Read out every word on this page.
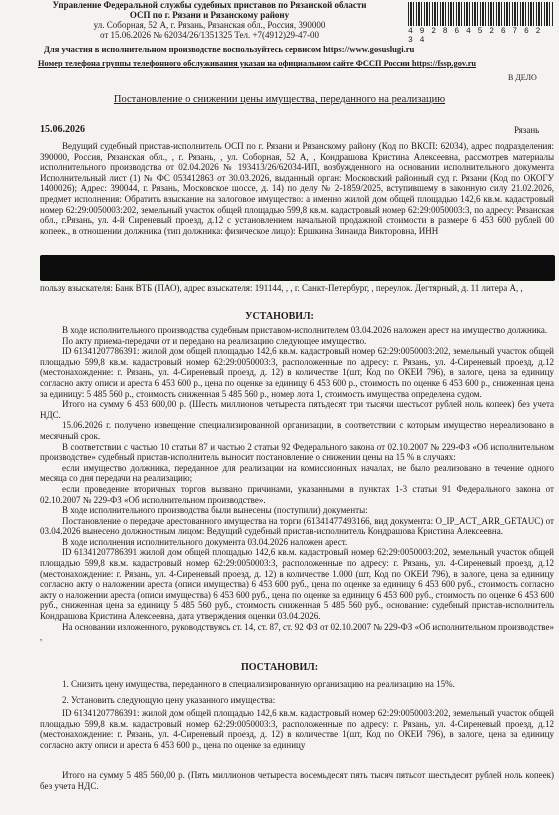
Управление Федеральной службы судебных приставов по Рязанской области
ОСП по г. Рязани и Рязанскому району
ул. Соборная, 52 А, г. Рязань, Рязанская обл., Россия, 390000
от 15.06.2026 № 62034/26/1351325 Тел. +7(4912)29-47-00	4 9 2 8 6 4 5 2 6 7 6 2 3 4
Для участия в исполнительном производстве воспользуйтесь сервисом https://www.gosuslugi.ru
Номер телефона группы телефонного обслуживания указан на официальном сайте ФССП России https://fssp.gov.ru
В ДЕЛО
Постановление о снижении цены имущества, переданного на реализацию
15.06.2026	Рязань

Ведущий судебный пристав-исполнитель ОСП по г. Рязани и Рязанскому району (Код по ВКСП: 62034), адрес подразделения: 390000, Россия, Рязанская обл., , г. Рязань, , ул. Соборная, 52 А, , Кондрашова Кристина Алексеевна, рассмотрев материалы исполнительного производства от 02.04.2026 № 193413/26/62034-ИП, возбужденного на основании исполнительного документа Исполнительный лист (1) № ФС 053412863 от 30.03.2026, выданный орган: Московский районный суд г. Рязани (Код по ОКОГУ 1400026); Адрес: 390044, г. Рязань, Московское шоссе, д. 14) по делу № 2-1859/2025, вступившему в законную силу 21.02.2026, предмет исполнения: Обратить взыскание на залоговое имущество: а именно жилой дом общей площадью 142,6 кв.м. кадастровый номер 62:29:0050003:202, земельный участок общей площадью 599,8 кв.м. кадастровый номер 62:29:0050003:3, по адресу: Рязанская обл., г.Рязань, ул. 4-й Сиреневый проезд, д.12 с установлением начальной продажной стоимости в размере 6 453 600 рублей 00 копеек., в отношении должника (тип должника: физическое лицо): Ершкина Зинаида Викторовна, ИНН

пользу взыскателя: Банк ВТБ (ПАО), адрес взыскателя: 191144, , , г. Санкт-Петербург, , переулок. Дегтярный, д. 11 литера А, ,

УСТАНОВИЛ:

В ходе исполнительного производства судебным приставом-исполнителем 03.04.2026 наложен арест на имущество должника.

По акту приема-передачи от и передано на реализацию следующее имущество.

ID 61341207786391: жилой дом общей площадью 142,6 кв.м. кадастровый номер 62:29:0050003:202, земельный участок общей площадью 599,8 кв.м. кадастровый номер 62:29:0050003:3, расположенные по адресу: г. Рязань, ул. 4-Сиреневый проезд, д.12 (местонахождение: г. Рязань, ул. 4-Сиреневый проезд, д. 12) в количестве 1(шт, Код по ОКЕИ 796), в залоге, цена за единицу согласно акту описи и ареста 6 453 600 р., цена по оценке за единицу 6 453 600 р., стоимость по оценке 6 453 600 р., сниженная цена за единицу: 5 485 560 р., стоимость сниженная 5 485 560 р., номер лота 1, стоимость имущества определена судом.

Итого на сумму 6 453 600,00 р. (Шесть миллионов четыреста пятьдесят три тысячи шестьсот рублей ноль копеек) без учета НДС.

15.06.2026 г. получено извещение специализированной организации, в соответствии с которым имущество нереализовано в месячный срок.

В соответствии с частью 10 статьи 87 и частью 2 статьи 92 Федерального закона от 02.10.2007 № 229-ФЗ «Об исполнительном производстве» судебный пристав-исполнитель выносит постановление о снижении цены на 15 % в случаях:

если имущество должника, переданное для реализации на комиссионных началах, не было реализовано в течение одного месяца со дня передачи на реализацию;

если проведение вторичных торгов вызвано причинами, указанными в пунктах 1-3 статьи 91 Федерального закона от 02.10.2007 № 229-ФЗ «Об исполнительном производстве».

В ходе исполнительного производства были вынесены (поступили) документы:

Постановление о передаче арестованного имущества на торги (61341477493166, вид документа: O_IP_ACT_ARR_GETAUC) от 03.04.2026 вынесено должностным лицом: Ведущий судебный пристав-исполнитель Кондрашова Кристина Алексеевна.

В ходе исполнения исполнительного документа 03.04.2026 наложен арест.

ID 61341207786391 жилой дом общей площадью 142,6 кв.м. кадастровый номер 62:29:0050003:202, земельный участок общей площадью 599,8 кв.м. кадастровый номер 62:29:0050003:3, расположенные по адресу: г. Рязань, ул. 4-Сиреневый проезд, д.12 (местонахождение: г. Рязань, ул. 4-Сиреневый проезд, д. 12) в количестве 1.000 (шт, Код по ОКЕИ 796), в залоге, цена за единицу согласно акту о наложении ареста (описи имущества) 6 453 600 руб., цена по оценке за единицу 6 453 600 руб., стоимость согласно акту о наложении ареста (описи имущества) 6 453 600 руб., цена по оценке за единицу 6 453 600 руб., стоимость по оценке 6 453 600 руб., сниженная цена за единицу 5 485 560 руб., стоимость сниженная 5 485 560 руб., основание: судебный пристав-исполнитель Кондрашова Кристина Алексеевна, дата утверждения оценки 03.04.2026.

На основании изложенного, руководствуясь ст. 14, ст. 87, ст. 92 ФЗ от 02.10.2007 № 229-ФЗ «Об исполнительном производстве» ,

ПОСТАНОВИЛ:

1. Снизить цену имущества, переданного в специализированную организацию на реализацию на 15%.

2. Установить следующую цену указанного имущества:

ID 61341207786391: жилой дом общей площадью 142,6 кв.м. кадастровый номер 62:29:0050003:202, земельный участок общей площадью 599,8 кв.м. кадастровый номер 62:29:0050003:3, расположенные по адресу: г. Рязань, ул. 4-Сиреневый проезд, д.12 (местонахождение: г. Рязань, ул. 4-Сиреневый проезд, д. 12) в количестве 1(шт, Код по ОКЕИ 796), в залоге, цена за единицу согласно акту описи и ареста 6 453 600 р., цена по оценке за единицу

Итого на сумму 5 485 560,00 р. (Пять миллионов четыреста восемьдесят пять тысяч пятьсот шестьдесят рублей ноль копеек) без учета НДС.
